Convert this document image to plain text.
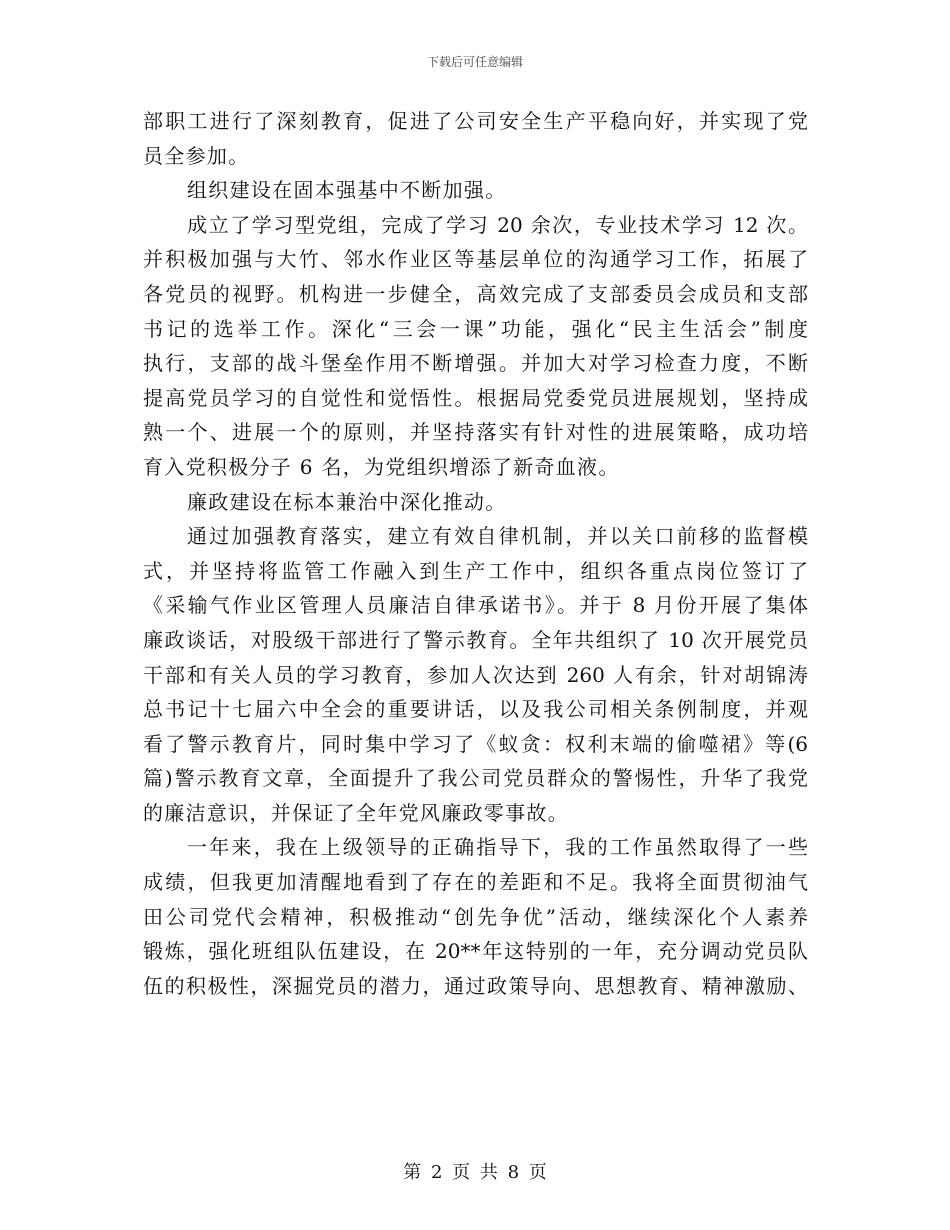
下载后可任意编辑
部职工进行了深刻教育，促进了公司安全生产平稳向好，并实现了党
员全参加。
组织建设在固本强基中不断加强。
成立了学习型党组，完成了学习 20 余次，专业技术学习 12 次。
并积极加强与大竹、邻水作业区等基层单位的沟通学习工作，拓展了
各党员的视野。机构进一步健全，高效完成了支部委员会成员和支部
书记的选举工作。深化“三会一课”功能，强化“民主生活会”制度
执行，支部的战斗堡垒作用不断增强。并加大对学习检查力度，不断
提高党员学习的自觉性和觉悟性。根据局党委党员进展规划，坚持成
熟一个、进展一个的原则，并坚持落实有针对性的进展策略，成功培
育入党积极分子 6 名，为党组织增添了新奇血液。
廉政建设在标本兼治中深化推动。
通过加强教育落实，建立有效自律机制，并以关口前移的监督模
式，并坚持将监管工作融入到生产工作中，组织各重点岗位签订了
《采输气作业区管理人员廉洁自律承诺书》。并于 8 月份开展了集体
廉政谈话，对股级干部进行了警示教育。全年共组织了 10 次开展党员
干部和有关人员的学习教育，参加人次达到 260 人有余，针对胡锦涛
总书记十七届六中全会的重要讲话，以及我公司相关条例制度，并观
看了警示教育片，同时集中学习了《蚁贪：权利末端的偷噬裙》等(6
篇)警示教育文章，全面提升了我公司党员群众的警惕性，升华了我党
的廉洁意识，并保证了全年党风廉政零事故。
一年来，我在上级领导的正确指导下，我的工作虽然取得了一些
成绩，但我更加清醒地看到了存在的差距和不足。我将全面贯彻油气
田公司党代会精神，积极推动“创先争优”活动，继续深化个人素养
锻炼，强化班组队伍建设，在 20**年这特别的一年，充分调动党员队
伍的积极性，深掘党员的潜力，通过政策导向、思想教育、精神激励、
第 2 页 共 8 页
